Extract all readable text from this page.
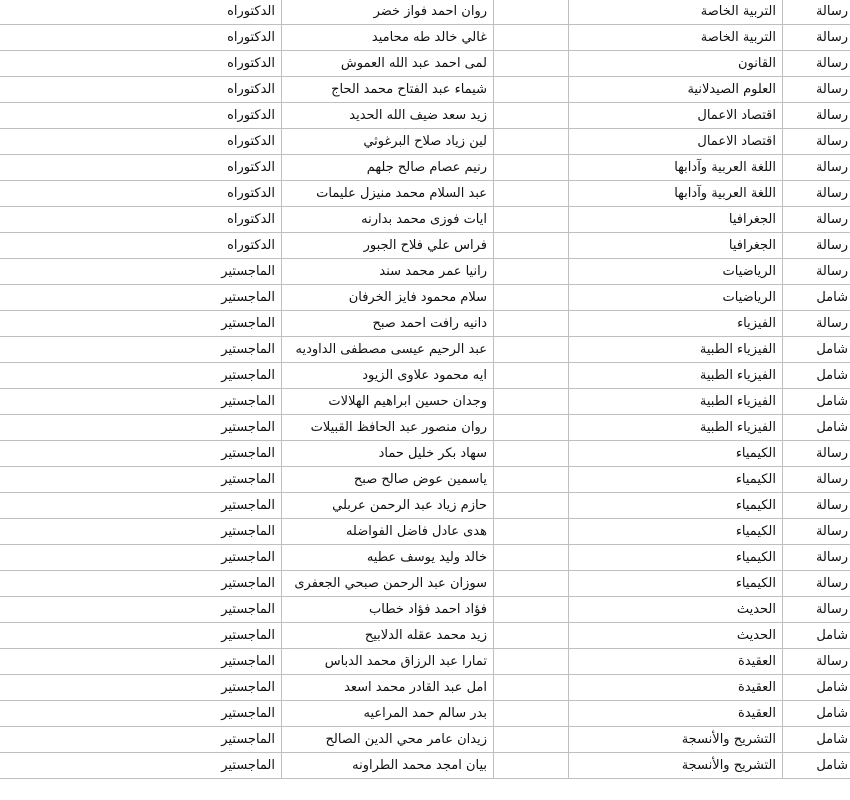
رسالة	التربية الخاصة		روان احمد فواز خضر	الدكتوراه
رسالة	التربية الخاصة		غالي خالد طه محاميد	الدكتوراه
رسالة	القانون		لمى احمد عبد الله العموش	الدكتوراه
رسالة	العلوم الصيدلانية		شيماء عبد الفتاح محمد الحاج	الدكتوراه
رسالة	اقتصاد الاعمال		زيد سعد ضيف الله الحديد	الدكتوراه
رسالة	اقتصاد الاعمال		لين زياد صلاح البرغوثي	الدكتوراه
رسالة	اللغة العربية وآدابها		رنيم عصام صالح جلهم	الدكتوراه
رسالة	اللغة العربية وآدابها		عبد السلام محمد منيزل عليمات	الدكتوراه
رسالة	الجغرافيا		ايات فوزى محمد بدارنه	الدكتوراه
رسالة	الجغرافيا		فراس علي فلاح الجبور	الدكتوراه
رسالة	الرياضيات		رانيا عمر محمد سند	الماجستير
شامل	الرياضيات		سلام محمود فايز الخرفان	الماجستير
رسالة	الفيزياء		دانيه رافت احمد صبح	الماجستير
شامل	الفيزياء الطبية		عبد الرحيم عيسى مصطفى الداوديه	الماجستير
شامل	الفيزياء الطبية		ايه محمود علاوى الزيود	الماجستير
شامل	الفيزياء الطبية		وجدان حسين ابراهيم الهلالات	الماجستير
شامل	الفيزياء الطبية		روان منصور عبد الحافظ القبيلات	الماجستير
رسالة	الكيمياء		سهاد بكر خليل حماد	الماجستير
رسالة	الكيمياء		ياسمين عوض صالح صبح	الماجستير
رسالة	الكيمياء		حازم زياد عبد الرحمن عربلي	الماجستير
رسالة	الكيمياء		هدى عادل فاضل الفواضله	الماجستير
رسالة	الكيمياء		خالد وليد يوسف عطيه	الماجستير
رسالة	الكيمياء		سوزان عبد الرحمن صبحي الجعفرى	الماجستير
رسالة	الحديث		فؤاد احمد فؤاد خطاب	الماجستير
شامل	الحديث		زيد محمد عقله الدلابيح	الماجستير
رسالة	العقيدة		تمارا عبد الرزاق محمد الدباس	الماجستير
شامل	العقيدة		امل عبد القادر محمد اسعد	الماجستير
شامل	العقيدة		بدر سالم حمد المراعيه	الماجستير
شامل	التشريح والأنسجة		زيدان عامر محي الدين الصالح	الماجستير
شامل	التشريح والأنسجة		بيان امجد محمد الطراونه	الماجستير
